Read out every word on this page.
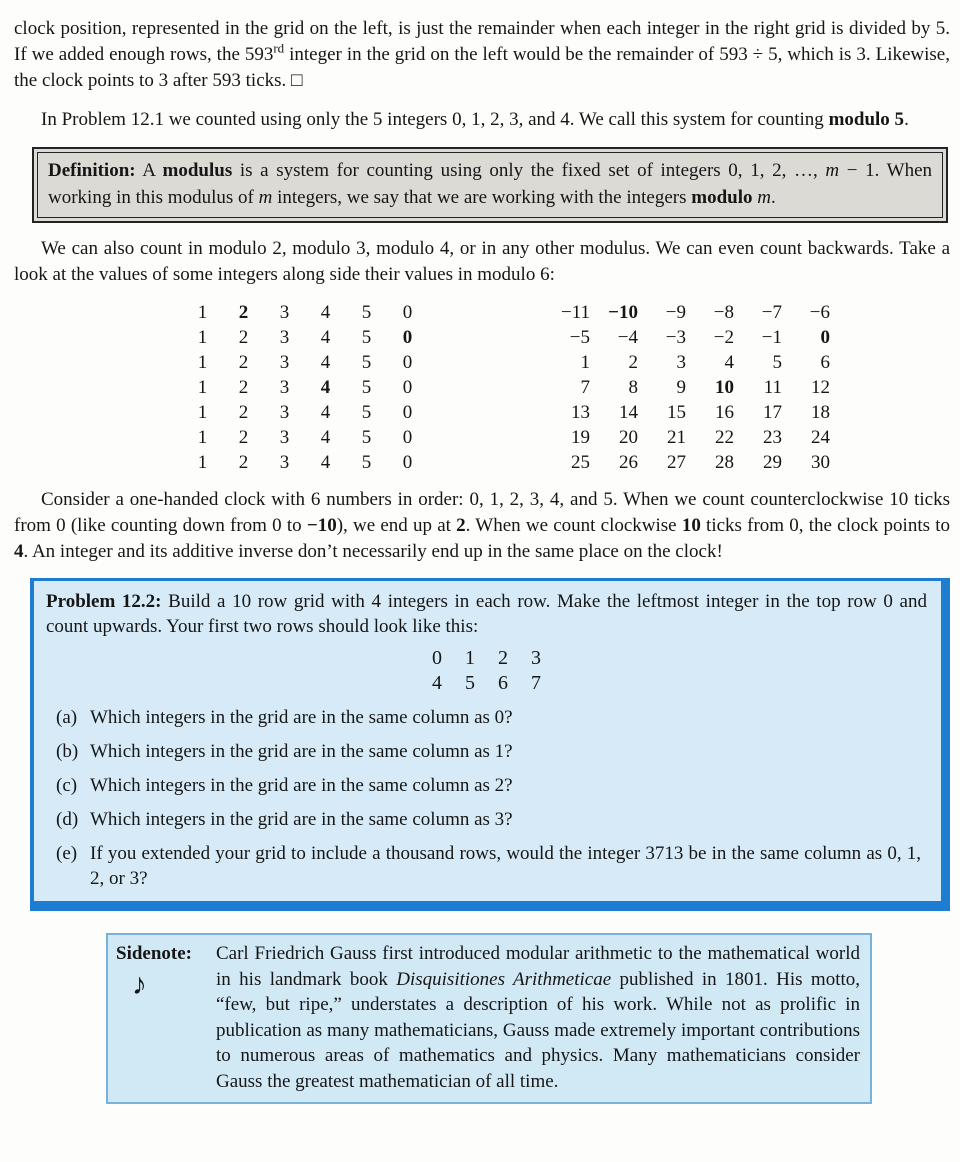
clock position, represented in the grid on the left, is just the remainder when each integer in the right grid is divided by 5. If we added enough rows, the 593rd integer in the grid on the left would be the remainder of 593 ÷ 5, which is 3. Likewise, the clock points to 3 after 593 ticks. □

In Problem 12.1 we counted using only the 5 integers 0, 1, 2, 3, and 4. We call this system for counting modulo 5.

Definition: A modulus is a system for counting using only the fixed set of integers 0, 1, 2, …, m − 1. When working in this modulus of m integers, we say that we are working with the integers modulo m.

We can also count in modulo 2, modulo 3, modulo 4, or in any other modulus. We can even count backwards. Take a look at the values of some integers along side their values in modulo 6:

1	2	3	4	5	0
1	2	3	4	5	0
1	2	3	4	5	0
1	2	3	4	5	0
1	2	3	4	5	0
1	2	3	4	5	0
1	2	3	4	5	0
−11 −10	−9	−8	−7	−6
−5	−4	−3	−2	−1	0
1	2	3	4	5	6
7	8	9	10	11	12
13	14	15	16	17	18
19	20	21	22	23	24
25	26	27	28	29	30

Consider a one-handed clock with 6 numbers in order: 0, 1, 2, 3, 4, and 5. When we count counterclockwise 10 ticks from 0 (like counting down from 0 to −10), we end up at 2. When we count clockwise 10 ticks from 0, the clock points to 4. An integer and its additive inverse don’t necessarily end up in the same place on the clock!

Problem 12.2: Build a 10 row grid with 4 integers in each row. Make the leftmost integer in the top row 0 and count upwards. Your first two rows should look like this:

0	1	2	3
4	5	6	7
(a) Which integers in the grid are in the same column as 0?
(b) Which integers in the grid are in the same column as 1?
(c) Which integers in the grid are in the same column as 2?
(d) Which integers in the grid are in the same column as 3?
(e) If you extended your grid to include a thousand rows, would the integer 3713 be in the same column as 0, 1, 2, or 3?
Sidenote:
♪
Carl Friedrich Gauss first introduced modular arithmetic to the mathematical world in his landmark book Disquisitiones Arithmeticae published in 1801. His motto, “few, but ripe,” understates a description of his work. While not as prolific in publication as many mathematicians, Gauss made extremely important contributions to numerous areas of mathematics and physics. Many mathematicians consider Gauss the greatest mathematician of all time.
